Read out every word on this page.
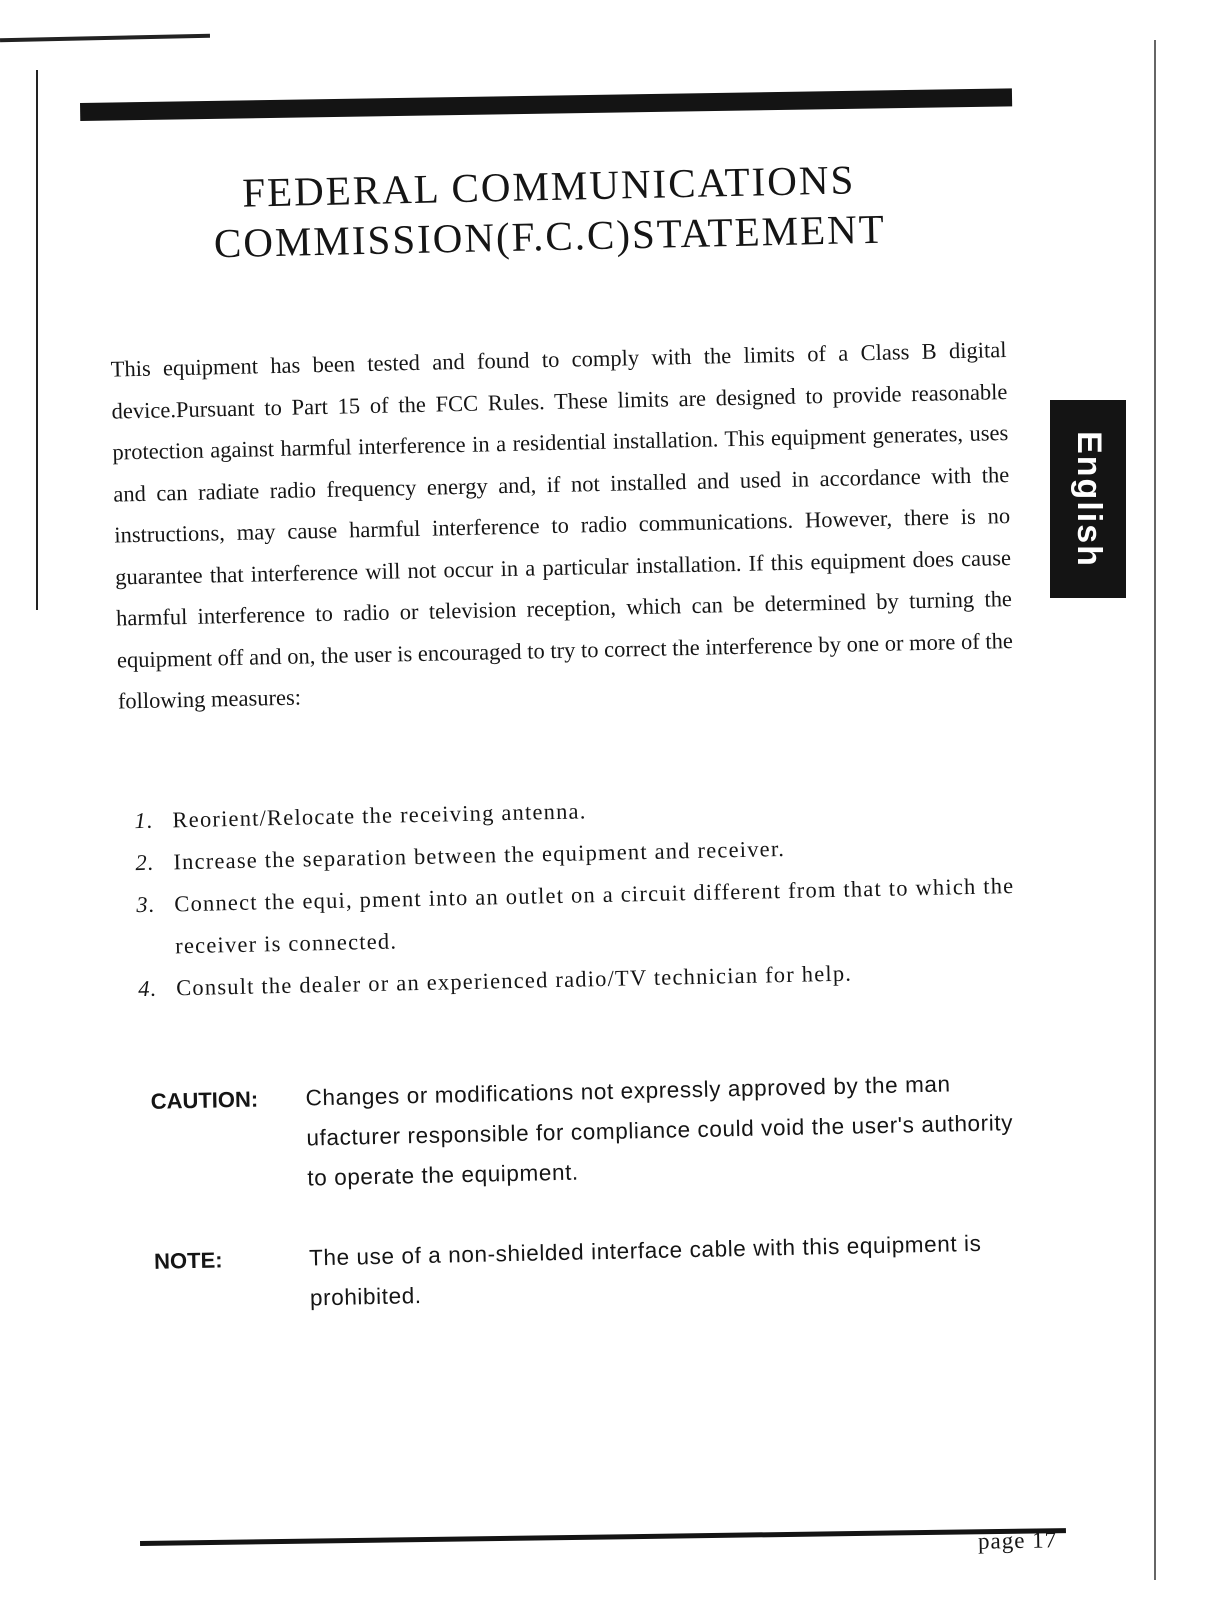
English
FEDERAL COMMUNICATIONS
COMMISSION(F.C.C)STATEMENT
This equipment has been tested and found to comply with the limits of a Class B digital device.Pursuant to Part 15 of the FCC Rules. These limits are designed to provide reasonable protection against harmful interference in a residential installation. This equipment generates, uses and can radiate radio frequency energy and, if not installed and used in accordance with the instructions, may cause harmful interference to radio communications. However, there is no guarantee that interference will not occur in a particular installation. If this equipment does cause harmful interference to radio or television reception, which can be determined by turning the equipment off and on, the user is encouraged to try to correct the interference by one or more of the following measures:
1. Reorient/Relocate the receiving antenna.
2. Increase the separation between the equipment and receiver.
3. Connect the equi, pment into an outlet on a circuit different from that to which the receiver is connected.
4. Consult the dealer or an experienced radio/TV technician for help.
CAUTION: Changes or modifications not expressly approved by the man ufacturer responsible for compliance could void the user's authority to operate the equipment.
NOTE:	The use of a non-shielded interface cable with this equipment is prohibited.
page 17
